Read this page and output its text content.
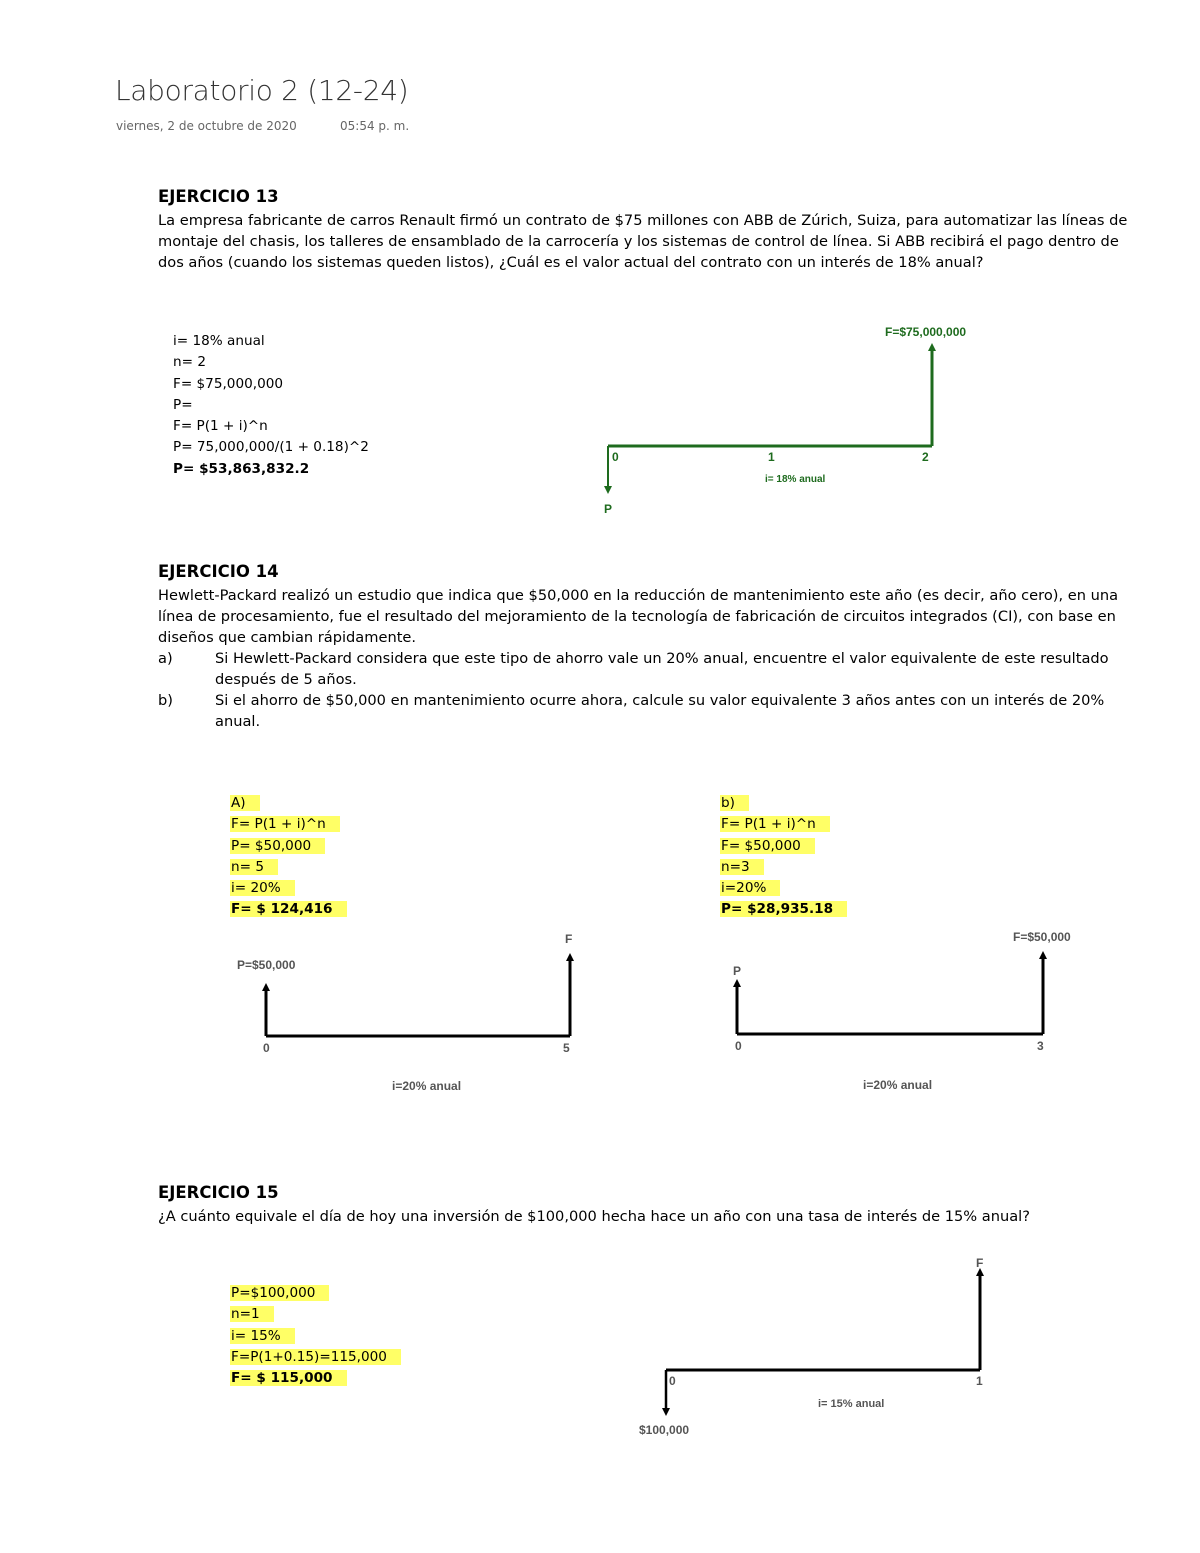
Laboratorio 2 (12-24)
viernes, 2 de octubre de 2020	05:54 p. m.
EJERCICIO 13

La empresa fabricante de carros Renault firmó un contrato de $75 millones con ABB de Zúrich, Suiza, para automatizar las líneas de montaje del chasis, los talleres de ensamblado de la carrocería y los sistemas de control de línea. Si ABB recibirá el pago dentro de dos años (cuando los sistemas queden listos), ¿Cuál es el valor actual del contrato con un interés de 18% anual?

i= 18% anual
n= 2
F= $75,000,000
P=
F= P(1 + i)^n
P= 75,000,000/(1 + 0.18)^2
P= $53,863,832.2
F=$75,000,000
0	1	2
i= 18% anual
P
EJERCICIO 14

Hewlett-Packard realizó un estudio que indica que $50,000 en la reducción de mantenimiento este año (es decir, año cero), en una línea de procesamiento, fue el resultado del mejoramiento de la tecnología de fabricación de circuitos integrados (CI), con base en diseños que cambian rápidamente.

a)	Si Hewlett-Packard considera que este tipo de ahorro vale un 20% anual, encuentre el valor equivalente de este resultado después de 5 años.
b)	Si el ahorro de $50,000 en mantenimiento ocurre ahora, calcule su valor equivalente 3 años antes con un interés de 20% anual.
A)
F= P(1 + i)^n
P= $50,000
n= 5
i= 20%
F= $ 124,416
b)
F= P(1 + i)^n
F= $50,000
n=3
i=20%
P= $28,935.18
P=$50,000
F
0	5
i=20% anual
P
F=$50,000
0	3
i=20% anual
EJERCICIO 15

¿A cuánto equivale el día de hoy una inversión de $100,000 hecha hace un año con una tasa de interés de 15% anual?

P=$100,000
n=1
i= 15%
F=P(1+0.15)=115,000
F= $ 115,000
F
0	1
i= 15% anual
$100,000
